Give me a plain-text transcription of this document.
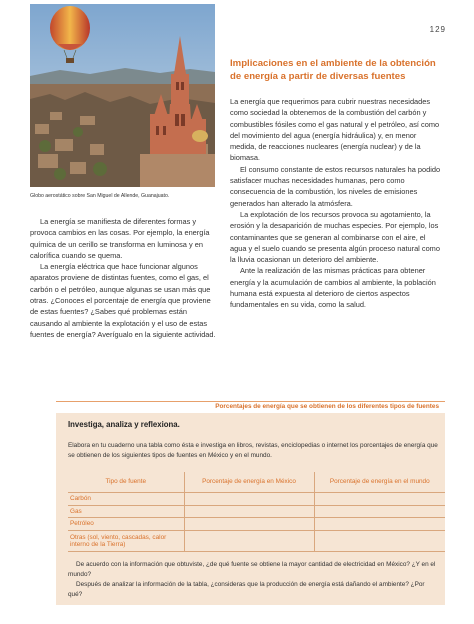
129
Globo aerostático sobre San Miguel de Allende, Guanajuato.

La energía se manifiesta de diferentes formas y provoca cambios en las cosas. Por ejemplo, la energía química de un cerillo se transforma en luminosa y en calorífica cuando se quema.

La energía eléctrica que hace funcionar algunos aparatos proviene de distintas fuentes, como el gas, el carbón o el petróleo, aunque algunas se usan más que otras. ¿Conoces el porcentaje de energía que proviene de estas fuentes? ¿Sabes qué problemas están causando al ambiente la explotación y el uso de estas fuentes de energía? Averígualo en la siguiente actividad.

Implicaciones en el ambiente de la obtención de energía a partir de diversas fuentes

La energía que requerimos para cubrir nuestras necesidades como sociedad la obtenemos de la combustión del carbón y combustibles fósiles como el gas natural y el petróleo, así como del movimiento del agua (energía hidráulica) y, en menor medida, de reacciones nucleares (energía nuclear) y de la biomasa.

El consumo constante de estos recursos naturales ha podido satisfacer muchas necesidades humanas, pero como consecuencia de la combustión, los niveles de emisiones generados han alterado la atmósfera.

La explotación de los recursos provoca su agotamiento, la erosión y la desaparición de muchas especies. Por ejemplo, los contaminantes que se generan al combinarse con el aire, el agua y el suelo cuando se presenta algún proceso natural como la lluvia ocasionan un deterioro del ambiente.

Ante la realización de las mismas prácticas para obtener energía y la acumulación de cambios al ambiente, la población humana está expuesta al deterioro de ciertos aspectos fundamentales en su vida, como la salud.

Porcentajes de energía que se obtienen de los diferentes tipos de fuentes
Investiga, analiza y reflexiona.
Elabora en tu cuaderno una tabla como ésta e investiga en libros, revistas, enciclopedias o internet los porcentajes de energía que se obtienen de los siguientes tipos de fuentes en México y en el mundo.
Tipo de fuente	Porcentaje de energía en México	Porcentaje de energía en el mundo
Carbón		
Gas		
Petróleo		
Otras (sol, viento, cascadas, calor interno de la Tierra)		

De acuerdo con la información que obtuviste, ¿de qué fuente se obtiene la mayor cantidad de electricidad en México? ¿Y en el mundo?

Después de analizar la información de la tabla, ¿consideras que la producción de energía está dañando el ambiente? ¿Por qué?
